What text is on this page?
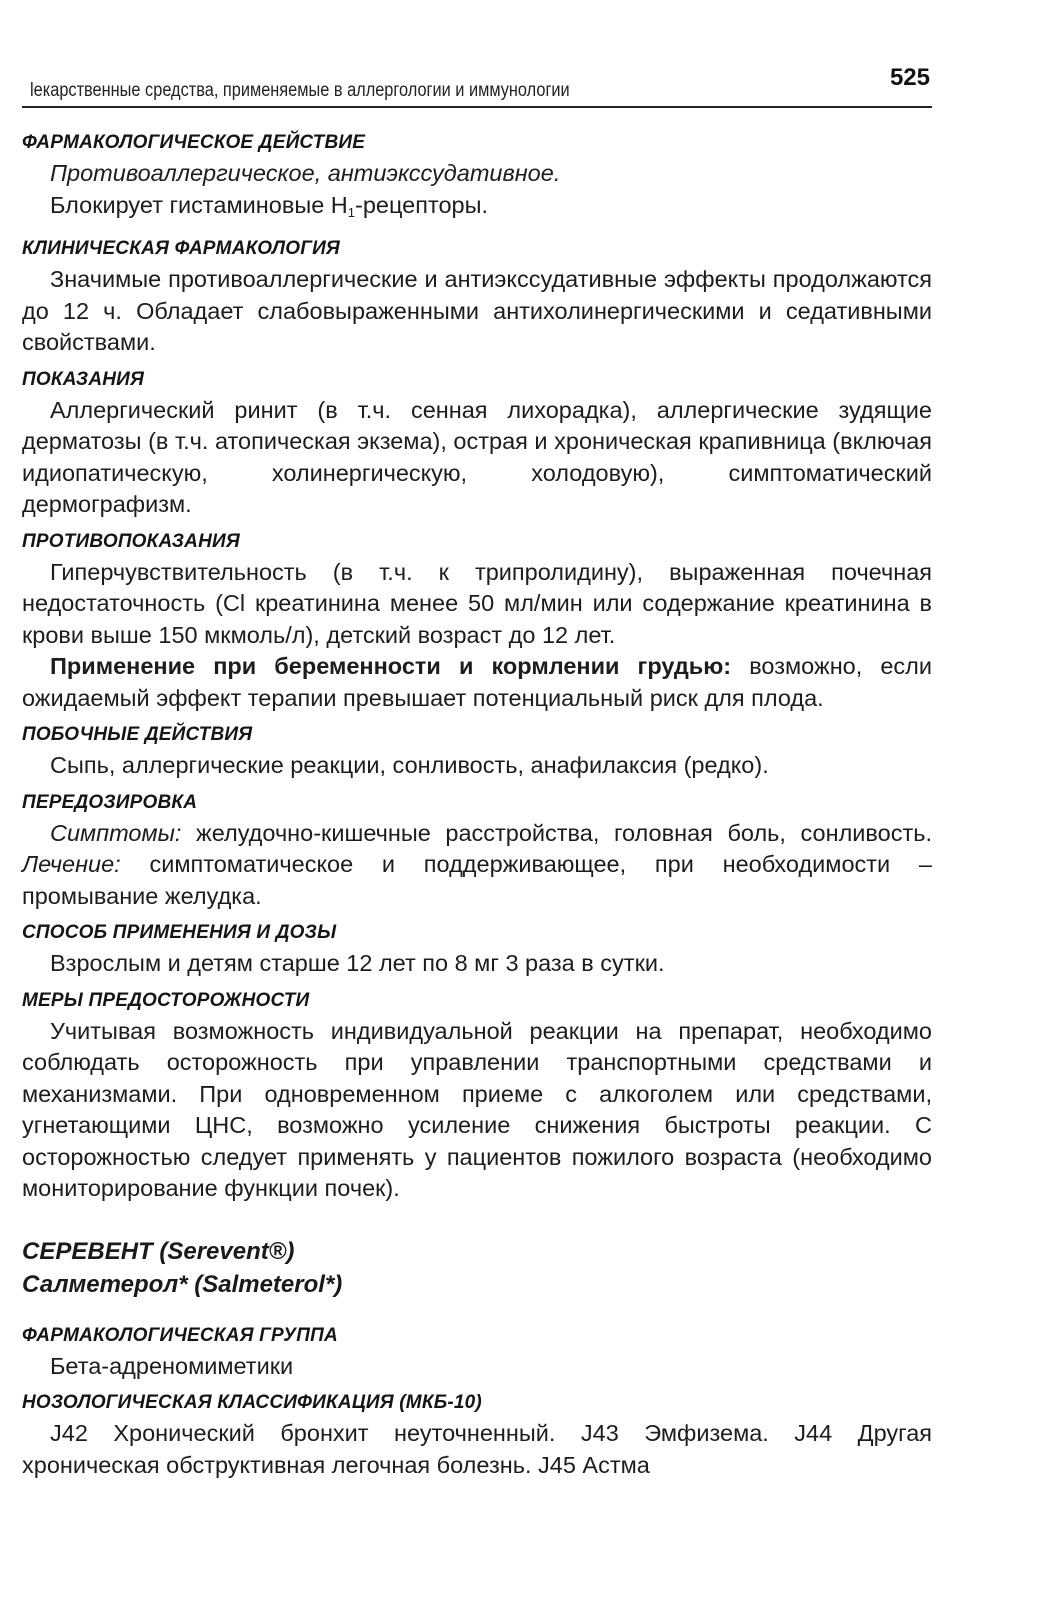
lекарственные средства, применяемые в аллергологии и иммунологии	525
ФАРМАКОЛОГИЧЕСКОЕ ДЕЙСТВИЕ

Противоаллергическое, антиэкссудативное.

Блокирует гистаминовые $H_1$-рецепторы.

КЛИНИЧЕСКАЯ ФАРМАКОЛОГИЯ

Значимые противоаллергические и антиэкссудативные эффекты продолжаются до 12 ч. Обладает слабовыраженными антихолинергическими и седативными свойствами.

ПОКАЗАНИЯ

Аллергический ринит (в т.ч. сенная лихорадка), аллергические зудящие дерматозы (в т.ч. атопическая экзема), острая и хроническая крапивница (включая идиопатическую, холинергическую, холодовую), симптоматический дермографизм.

ПРОТИВОПОКАЗАНИЯ

Гиперчувствительность (в т.ч. к трипролидину), выраженная почечная недостаточность (Cl креатинина менее 50 мл/мин или содержание креатинина в крови выше 150 мкмоль/л), детский возраст до 12 лет.

Применение при беременности и кормлении грудью: возможно, если ожидаемый эффект терапии превышает потенциальный риск для плода.

ПОБОЧНЫЕ ДЕЙСТВИЯ

Сыпь, аллергические реакции, сонливость, анафилаксия (редко).

ПЕРЕДОЗИРОВКА

Симптомы: желудочно-кишечные расстройства, головная боль, сонливость. Лечение: симптоматическое и поддерживающее, при необходимости – промывание желудка.

СПОСОБ ПРИМЕНЕНИЯ И ДОЗЫ

Взрослым и детям старше 12 лет по 8 мг 3 раза в сутки.

МЕРЫ ПРЕДОСТОРОЖНОСТИ

Учитывая возможность индивидуальной реакции на препарат, необходимо соблюдать осторожность при управлении транспортными средствами и механизмами. При одновременном приеме с алкоголем или средствами, угнетающими ЦНС, возможно усиление снижения быстроты реакции. С осторожностью следует применять у пациентов пожилого возраста (необходимо мониторирование функции почек).

СЕРЕВЕНТ (Serevent®)

Салметерол* (Salmeterol*)

ФАРМАКОЛОГИЧЕСКАЯ ГРУППА

Бета-адреномиметики

НОЗОЛОГИЧЕСКАЯ КЛАССИФИКАЦИЯ (МКБ-10)

J42 Хронический бронхит неуточненный. J43 Эмфизема. J44 Другая хроническая обструктивная легочная болезнь. J45 Астма
